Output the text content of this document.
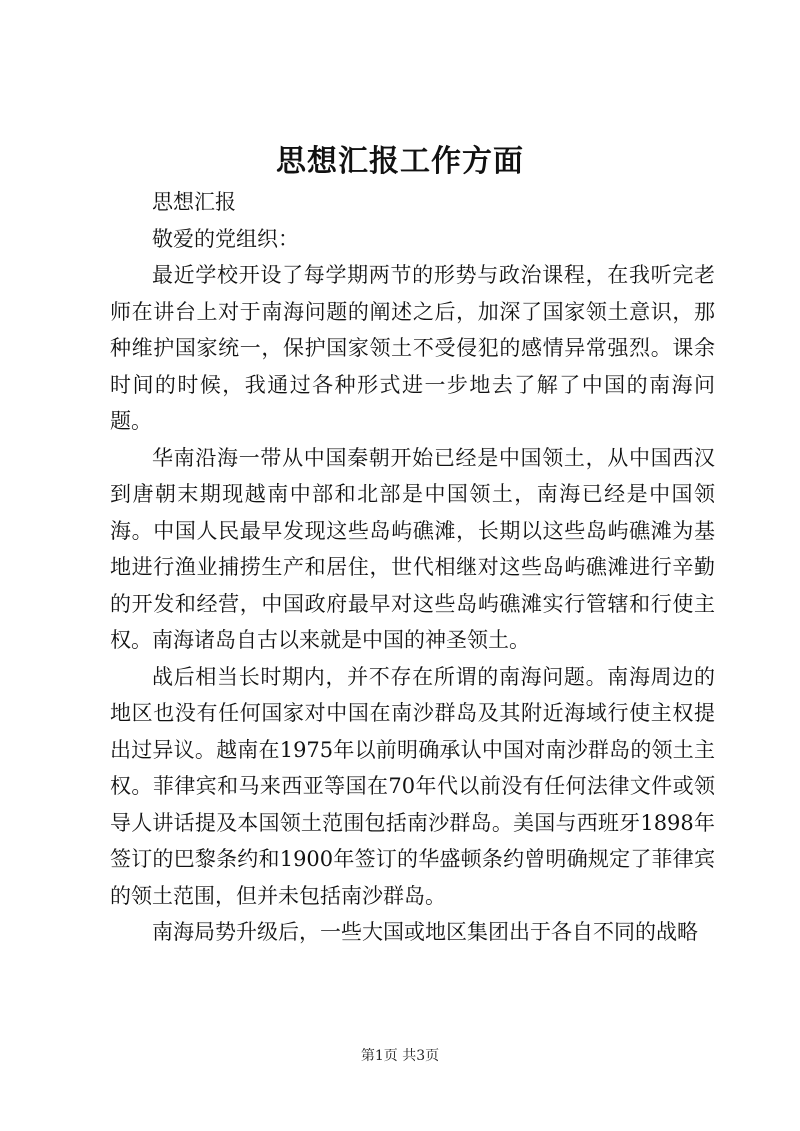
思想汇报工作方面

思想汇报

敬爱的党组织：

最近学校开设了每学期两节的形势与政治课程，在我听完老师在讲台上对于南海问题的阐述之后，加深了国家领土意识，那种维护国家统一，保护国家领土不受侵犯的感情异常强烈。课余时间的时候，我通过各种形式进一步地去了解了中国的南海问题。

华南沿海一带从中国秦朝开始已经是中国领土，从中国西汉到唐朝末期现越南中部和北部是中国领土，南海已经是中国领海。中国人民最早发现这些岛屿礁滩，长期以这些岛屿礁滩为基地进行渔业捕捞生产和居住，世代相继对这些岛屿礁滩进行辛勤的开发和经营，中国政府最早对这些岛屿礁滩实行管辖和行使主权。南海诸岛自古以来就是中国的神圣领土。

战后相当长时期内，并不存在所谓的南海问题。南海周边的地区也没有任何国家对中国在南沙群岛及其附近海域行使主权提出过异议。越南在1975年以前明确承认中国对南沙群岛的领土主权。菲律宾和马来西亚等国在70年代以前没有任何法律文件或领导人讲话提及本国领土范围包括南沙群岛。美国与西班牙1898年签订的巴黎条约和1900年签订的华盛顿条约曾明确规定了菲律宾的领土范围，但并未包括南沙群岛。

南海局势升级后，一些大国或地区集团出于各自不同的战略

第1页 共3页
